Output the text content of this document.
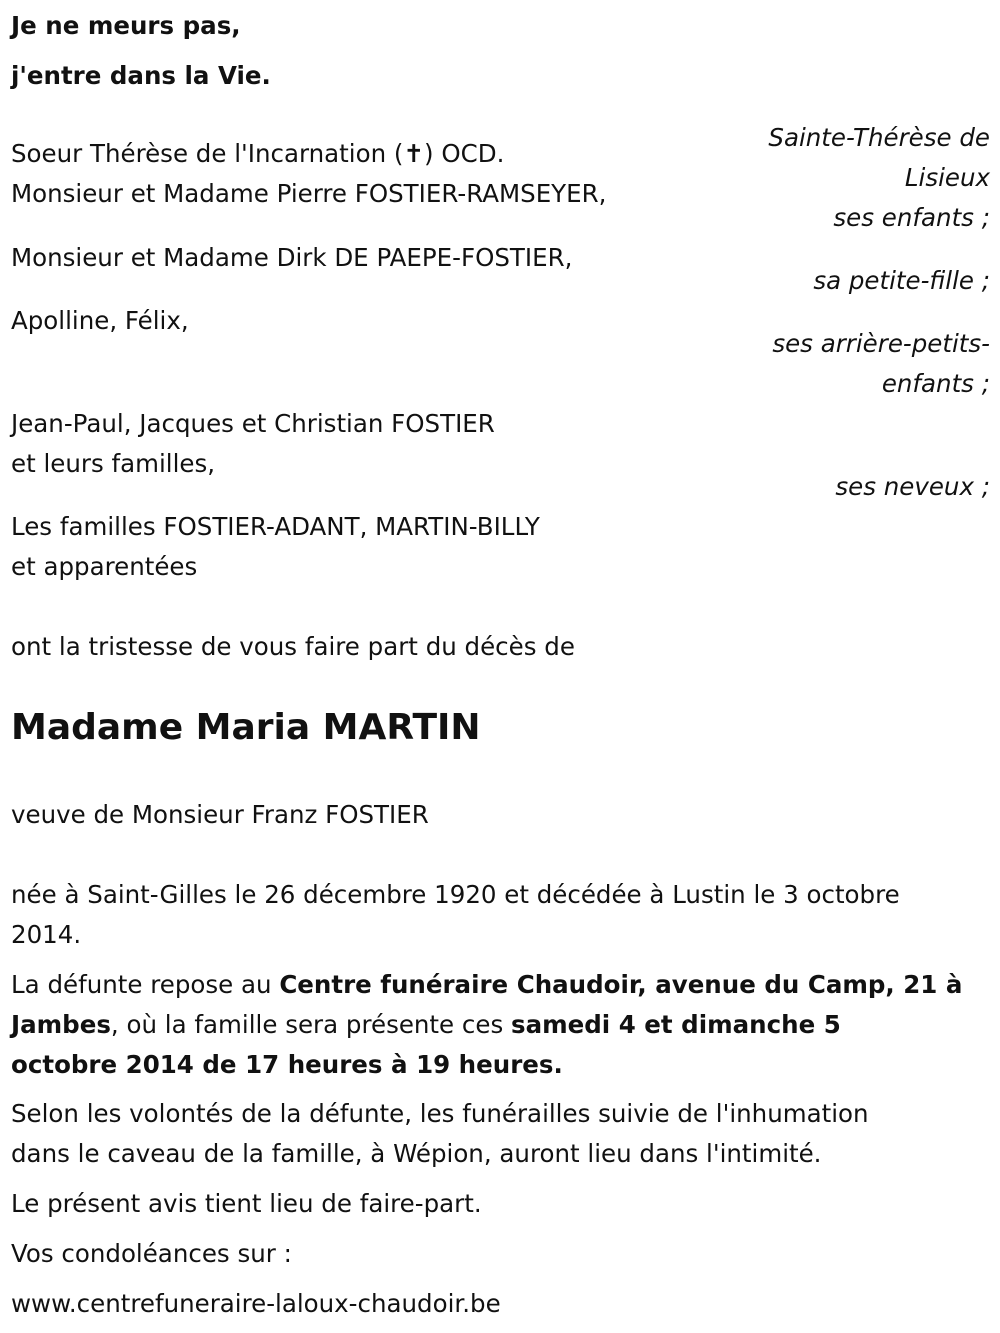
Je ne meurs pas,
j'entre dans la Vie.
Soeur Thérèse de l'Incarnation (✝) OCD.
Monsieur et Madame Pierre FOSTIER-RAMSEYER,
Sainte-Thérèse de
Lisieux
ses enfants ;
Monsieur et Madame Dirk DE PAEPE-FOSTIER,
sa petite-fille ;
Apolline, Félix,
ses arrière-petits-
enfants ;
Jean-Paul, Jacques et Christian FOSTIER
et leurs familles,
ses neveux ;
Les familles FOSTIER-ADANT, MARTIN-BILLY
et apparentées
ont la tristesse de vous faire part du décès de
Madame Maria MARTIN
veuve de Monsieur Franz FOSTIER
née à Saint-Gilles le 26 décembre 1920 et décédée à Lustin le 3 octobre
2014.
La défunte repose au Centre funéraire Chaudoir, avenue du Camp, 21 à
Jambes, où la famille sera présente ces samedi 4 et dimanche 5
octobre 2014 de 17 heures à 19 heures.
Selon les volontés de la défunte, les funérailles suivie de l'inhumation
dans le caveau de la famille, à Wépion, auront lieu dans l'intimité.
Le présent avis tient lieu de faire-part.
Vos condoléances sur :
www.centrefuneraire-laloux-chaudoir.be
